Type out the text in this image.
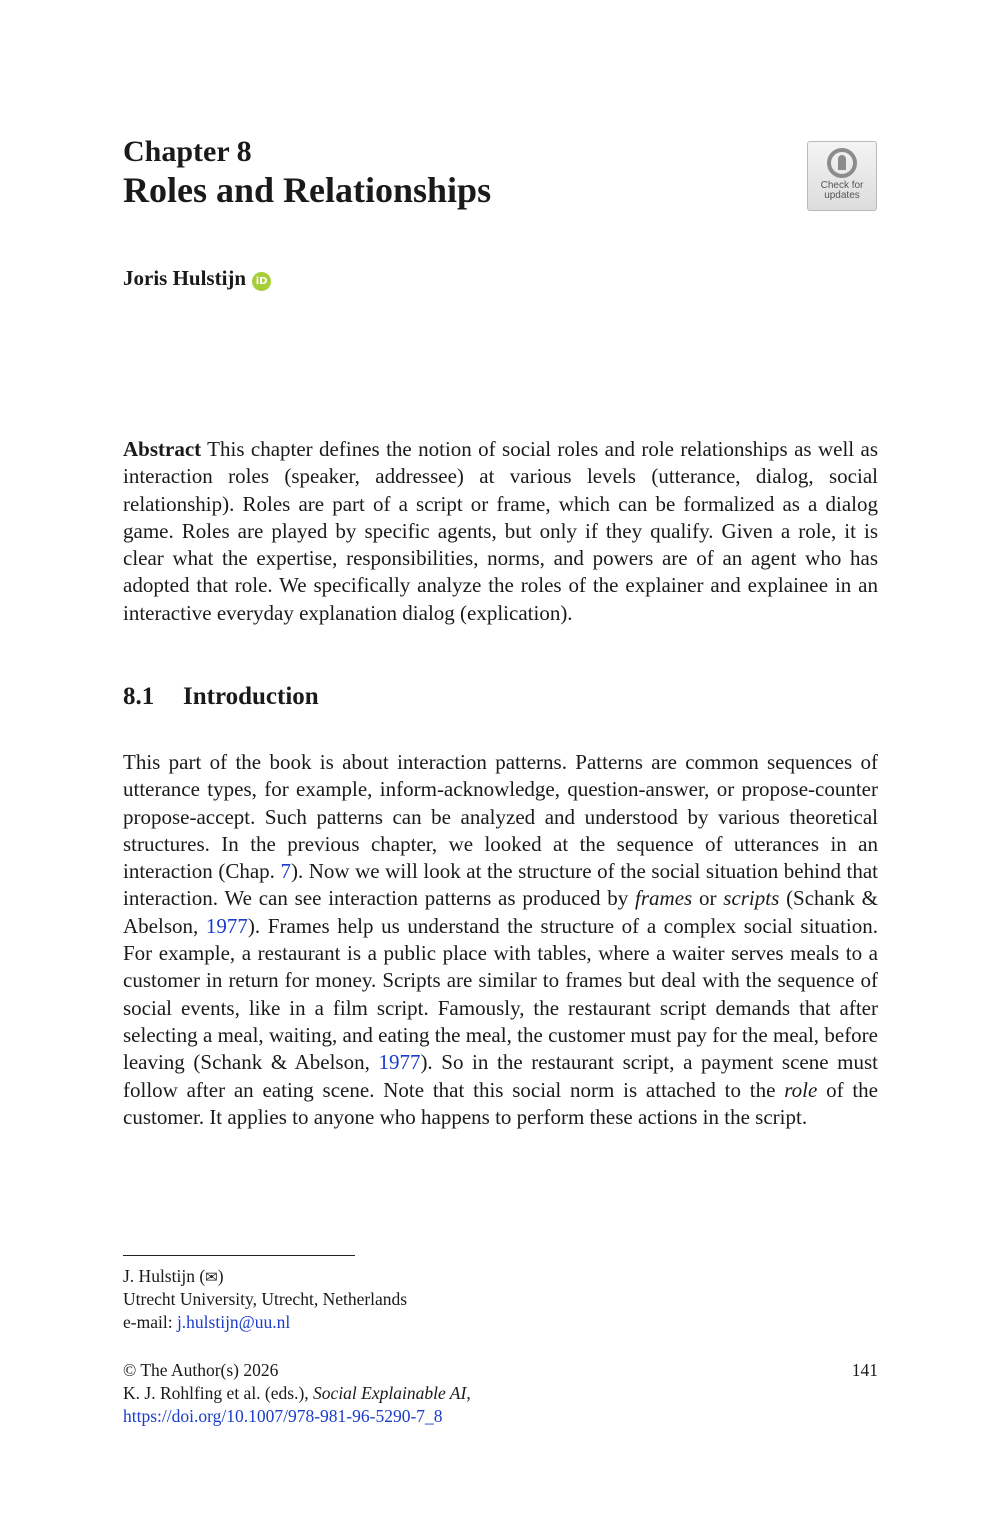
Chapter 8
Roles and Relationships	Check for
updates
Joris Hulstijn iD
Abstract This chapter defines the notion of social roles and role relationships as well as interaction roles (speaker, addressee) at various levels (utterance, dialog, social relationship). Roles are part of a script or frame, which can be formalized as a dialog game. Roles are played by specific agents, but only if they qualify. Given a role, it is clear what the expertise, responsibilities, norms, and powers are of an agent who has adopted that role. We specifically analyze the roles of the explainer and explainee in an interactive everyday explanation dialog (explication).
8.1 Introduction
This part of the book is about interaction patterns. Patterns are common sequences of utterance types, for example, inform-acknowledge, question-answer, or propose-counter propose-accept. Such patterns can be analyzed and understood by various theoretical structures. In the previous chapter, we looked at the sequence of utterances in an interaction (Chap. 7). Now we will look at the structure of the social situation behind that interaction. We can see interaction patterns as produced by frames or scripts (Schank & Abelson, 1977). Frames help us understand the structure of a complex social situation. For example, a restaurant is a public place with tables, where a waiter serves meals to a customer in return for money. Scripts are similar to frames but deal with the sequence of social events, like in a film script. Famously, the restaurant script demands that after selecting a meal, waiting, and eating the meal, the customer must pay for the meal, before leaving (Schank & Abelson, 1977). So in the restaurant script, a payment scene must follow after an eating scene. Note that this social norm is attached to the role of the customer. It applies to anyone who happens to perform these actions in the script.
J. Hulstijn (✉)
Utrecht University, Utrecht, Netherlands
e-mail: j.hulstijn@uu.nl
© The Author(s) 2026	141
K. J. Rohlfing et al. (eds.), Social Explainable AI,
https://doi.org/10.1007/978-981-96-5290-7_8
